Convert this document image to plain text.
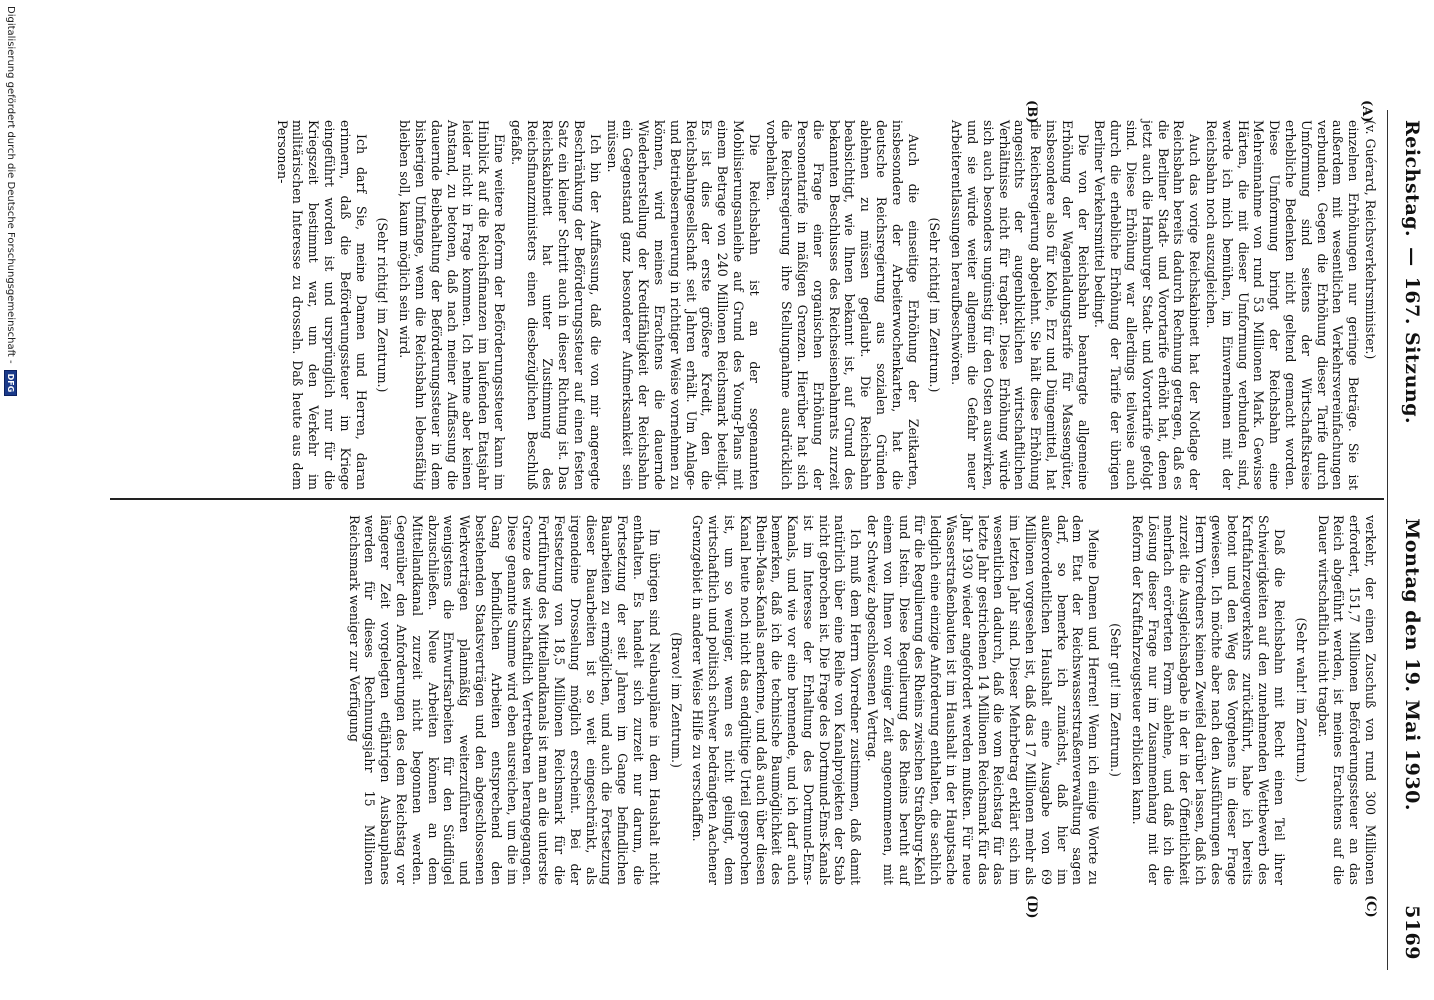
Reichstag.
—
167. Sitzung.
Montag den 19. Mai 1930.
5169
(A)
(B)
(C)
(D)

(v. Guérard, Reichsverkehrsminister.)

einzelnen Erhöhungen nur geringe Beträge. Sie ist außerdem mit wesentlichen Verkehrsvereinfachungen verbunden. Gegen die Erhöhung dieser Tarife durch Umformung sind seitens der Wirtschaftskreise erhebliche Bedenken nicht geltend gemacht worden. Diese Umformung bringt der Reichsbahn eine Mehreinnahme von rund 53 Millionen Mark. Gewisse Härten, die mit dieser Umformung verbunden sind, werde ich mich bemühen, im Einvernehmen mit der Reichsbahn noch auszugleichen.

Auch das vorige Reichskabinett hat der Notlage der Reichsbahn bereits dadurch Rechnung getragen, daß es die Berliner Stadt- und Vorortarife erhöht hat, denen jetzt auch die Hamburger Stadt- und Vorortarife gefolgt sind. Diese Erhöhung war allerdings teilweise auch durch die erhebliche Erhöhung der Tarife der übrigen Berliner Verkehrsmittel bedingt.

Die von der Reichsbahn beantragte allgemeine Erhöhung der Wagenladungstarife für Massengüter, insbesondere also für Kohle, Erz und Düngemittel, hat die Reichsregierung abgelehnt. Sie hält diese Erhöhung angesichts der augenblicklichen wirtschaftlichen Verhältnisse nicht für tragbar. Diese Erhöhung würde sich auch besonders ungünstig für den Osten auswirken, und sie würde weiter allgemein die Gefahr neuer Arbeiterentlassungen heraufbeschwören.

(Sehr richtig! im Zentrum.)

Auch die einseitige Erhöhung der Zeitkarten, insbesondere der Arbeiterwochenkarten, hat die deutsche Reichsregierung aus sozialen Gründen ablehnen zu müssen geglaubt. Die Reichsbahn beabsichtigt, wie Ihnen bekannt ist, auf Grund des bekannten Beschlusses des Reichseisenbahnrats zurzeit die Frage einer organischen Erhöhung der Personentarife in mäßigen Grenzen. Hierüber hat sich die Reichsregierung ihre Stellungnahme ausdrücklich vorbehalten.

Die Reichsbahn ist an der sogenannten Mobilisierungsanleihe auf Grund des Young-Plans mit einem Betrage von 240 Millionen Reichsmark beteiligt. Es ist dies der erste größere Kredit, den die Reichsbahngesellschaft seit Jahren erhält. Um Anlage- und Betriebserneuerung in richtiger Weise vornehmen zu können, wird meines Erachtens die dauernde Wiederherstellung der Kreditfähigkeit der Reichsbahn ein Gegenstand ganz besonderer Aufmerksamkeit sein müssen.

Ich bin der Auffassung, daß die von mir angeregte Beschränkung der Beförderungssteuer auf einen festen Satz ein kleiner Schritt auch in dieser Richtung ist. Das Reichskabinett hat unter Zustimmung des Reichsfinanzministers einen diesbezüglichen Beschluß gefaßt.

Eine weitere Reform der Beförderungssteuer kann im Hinblick auf die Reichsfinanzen im laufenden Etatsjahr leider nicht in Frage kommen. Ich nehme aber keinen Anstand, zu betonen, daß nach meiner Auffassung die dauernde Beibehaltung der Beförderungssteuer in dem bisherigen Umfange, wenn die Reichsbahn lebensfähig bleiben soll, kaum möglich sein wird.

(Sehr richtig! im Zentrum.)

Ich darf Sie, meine Damen und Herren, daran erinnern, daß die Beförderungssteuer im Kriege eingeführt worden ist und ursprünglich nur für die Kriegszeit bestimmt war, um den Verkehr im militärischen Interesse zu drosseln. Daß heute aus dem Personen-

verkehr, der einen Zuschuß von rund 300 Millionen erfordert, 151,7 Millionen Beförderungssteuer an das Reich abgeführt werden, ist meines Erachtens auf die Dauer wirtschaftlich nicht tragbar.

(Sehr wahr! im Zentrum.)

Daß die Reichsbahn mit Recht einen Teil ihrer Schwierigkeiten auf den zunehmenden Wettbewerb des Kraftfahrzeugverkehrs zurückführt, habe ich bereits betont und den Weg des Vorgehens in dieser Frage gewiesen. Ich möchte aber nach den Ausführungen des Herrn Vorredners keinen Zweifel darüber lassen, daß ich zurzeit die Ausgleichsabgabe in der in der Öffentlichkeit mehrfach erörterten Form ablehne, und daß ich die Lösung dieser Frage nur im Zusammenhang mit der Reform der Kraftfahrzeugsteuer erblicken kann.

(Sehr gut! im Zentrum.)

Meine Damen und Herren! Wenn ich einige Worte zu dem Etat der Reichswasserstraßenverwaltung sagen darf, so bemerke ich zunächst, daß hier im außerordentlichen Haushalt eine Ausgabe von 69 Millionen vorgesehen ist, daß das 17 Millionen mehr als im letzten Jahr sind. Dieser Mehrbetrag erklärt sich im wesentlichen dadurch, daß die vom Reichstag für das letzte Jahr gestrichenen 14 Millionen Reichsmark für das Jahr 1930 wieder angefordert werden mußten. Für neue Wasserstraßenbauten ist im Haushalt in der Hauptsache lediglich eine einzige Anforderung enthalten, die sachlich für die Regulierung des Rheins zwischen Straßburg-Kehl und Istein. Diese Regulierung des Rheins beruht auf einem von Ihnen vor einiger Zeit angenommenen, mit der Schweiz abgeschlossenen Vertrag.

Ich muß dem Herrn Vorredner zustimmen, daß damit natürlich über eine Reihe von Kanalprojekten der Stab nicht gebrochen ist. Die Frage des Dortmund-Ems-Kanals ist im Interesse der Erhaltung des Dortmund-Ems-Kanals, und wie vor eine brennende, und ich darf auch bemerken, daß ich die technische Baumöglichkeit des Rhein-Maas-Kanals anerkenne, und daß auch über diesen Kanal heute noch nicht das endgültige Urteil gesprochen ist, um so weniger, wenn es nicht gelingt, dem wirtschaftlich und politisch schwer bedrängten Aachener Grenzgebiet in anderer Weise Hilfe zu verschaffen.

(Bravo! im Zentrum.)

Im übrigen sind Neubaupläne in dem Haushalt nicht enthalten. Es handelt sich zurzeit nur darum, die Fortsetzung der seit Jahren im Gange befindlichen Bauarbeiten zu ermöglichen, und auch die Fortsetzung dieser Bauarbeiten ist so weit eingeschränkt, als irgendeine Drosselung möglich erscheint. Bei der Festsetzung von 18,5 Millionen Reichsmark für die Fortführung des Mittellandkanals ist man an die unterste Grenze des wirtschaftlich Vertretbaren herangegangen. Diese genannte Summe wird eben ausreichen, um die im Gang befindlichen Arbeiten entsprechend den bestehenden Staatsverträgen und den abgeschlossenen Werkverträgen planmäßig weiterzuführen und wenigstens die Entwurfsarbeiten für den Südflügel abzuschließen. Neue Arbeiten können an dem Mittellandkanal zurzeit nicht begonnen werden. Gegenüber den Anforderungen des dem Reichstag vor längerer Zeit vorgelegten etfjährigen Ausbauplanes werden für dieses Rechnungsjahr 15 Millionen Reichsmark weniger zur Verfügung

Digitalisierung gefördert durch die Deutsche Forschungsgemeinschaft -
DFG
